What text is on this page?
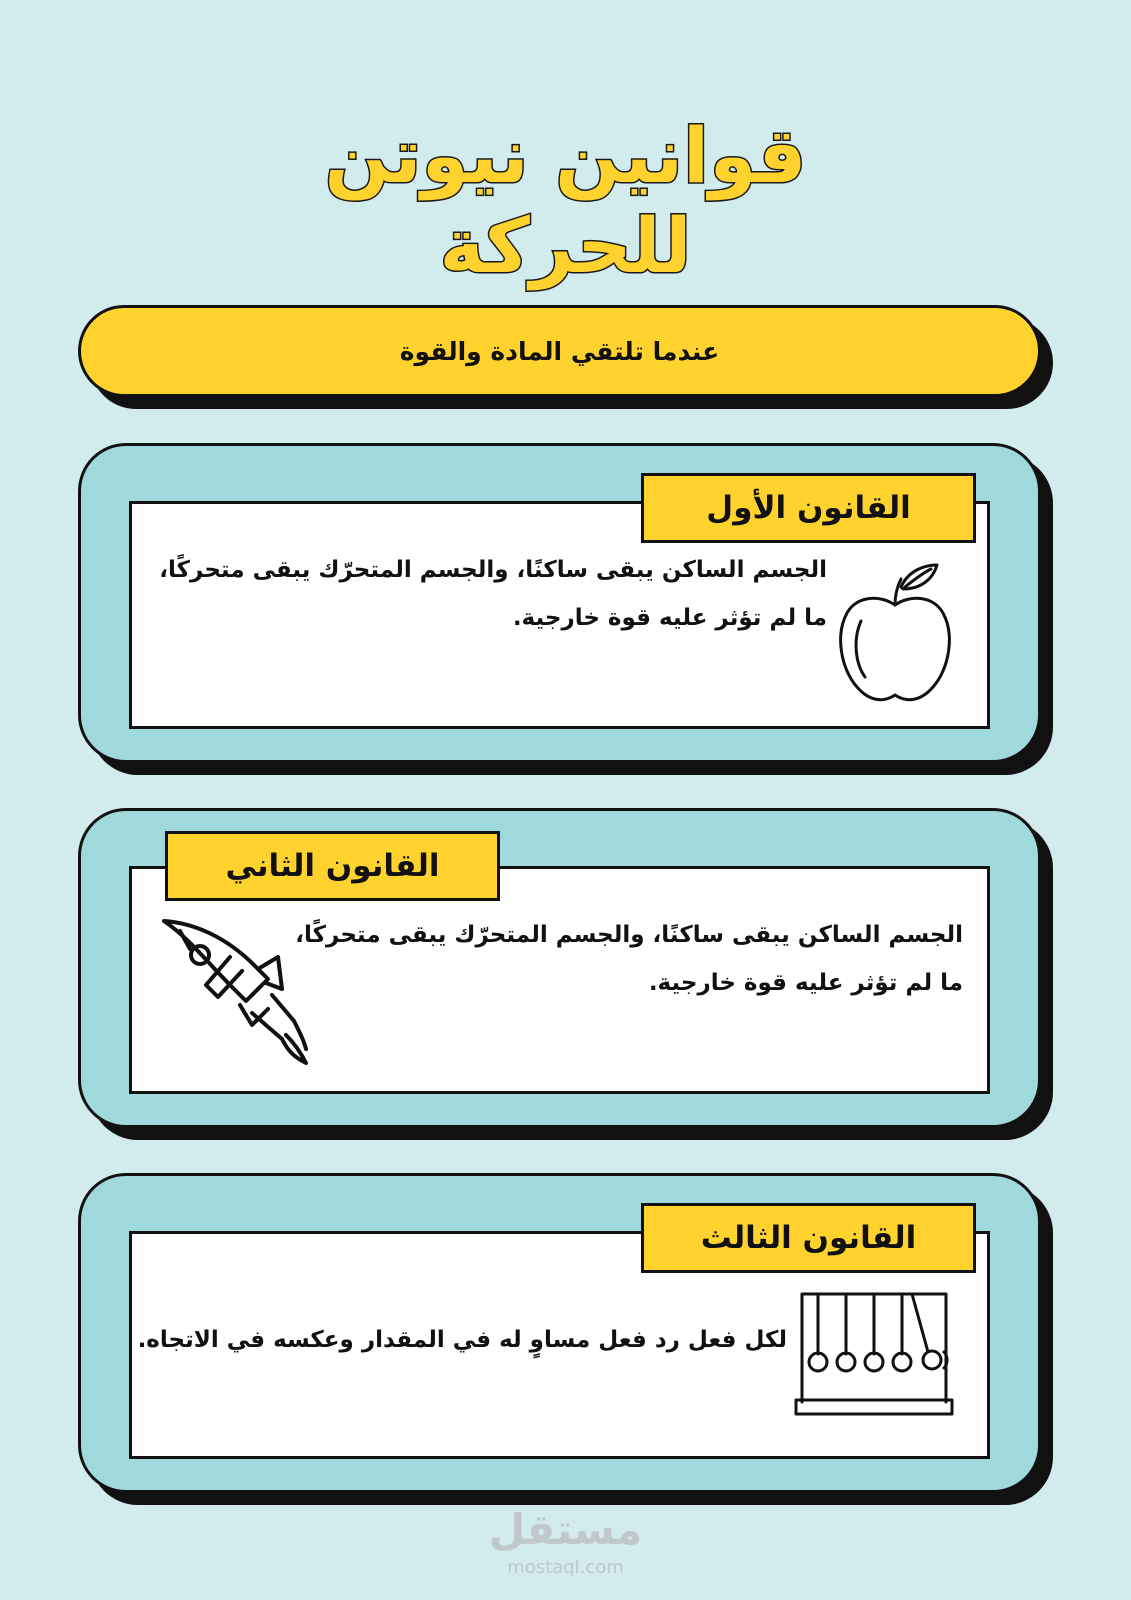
قوانين نيوتن
للحركة
عندما تلتقي المادة والقوة
الجسم الساكن يبقى ساكنًا، والجسم المتحرّك يبقى متحركًا،
ما لم تؤثر عليه قوة خارجية.
القانون الأول
الجسم الساكن يبقى ساكنًا، والجسم المتحرّك يبقى متحركًا،
ما لم تؤثر عليه قوة خارجية.
القانون الثاني
لكل فعل رد فعل مساوٍ له في المقدار وعكسه في الاتجاه.
القانون الثالث
مستقل
mostaql.com
